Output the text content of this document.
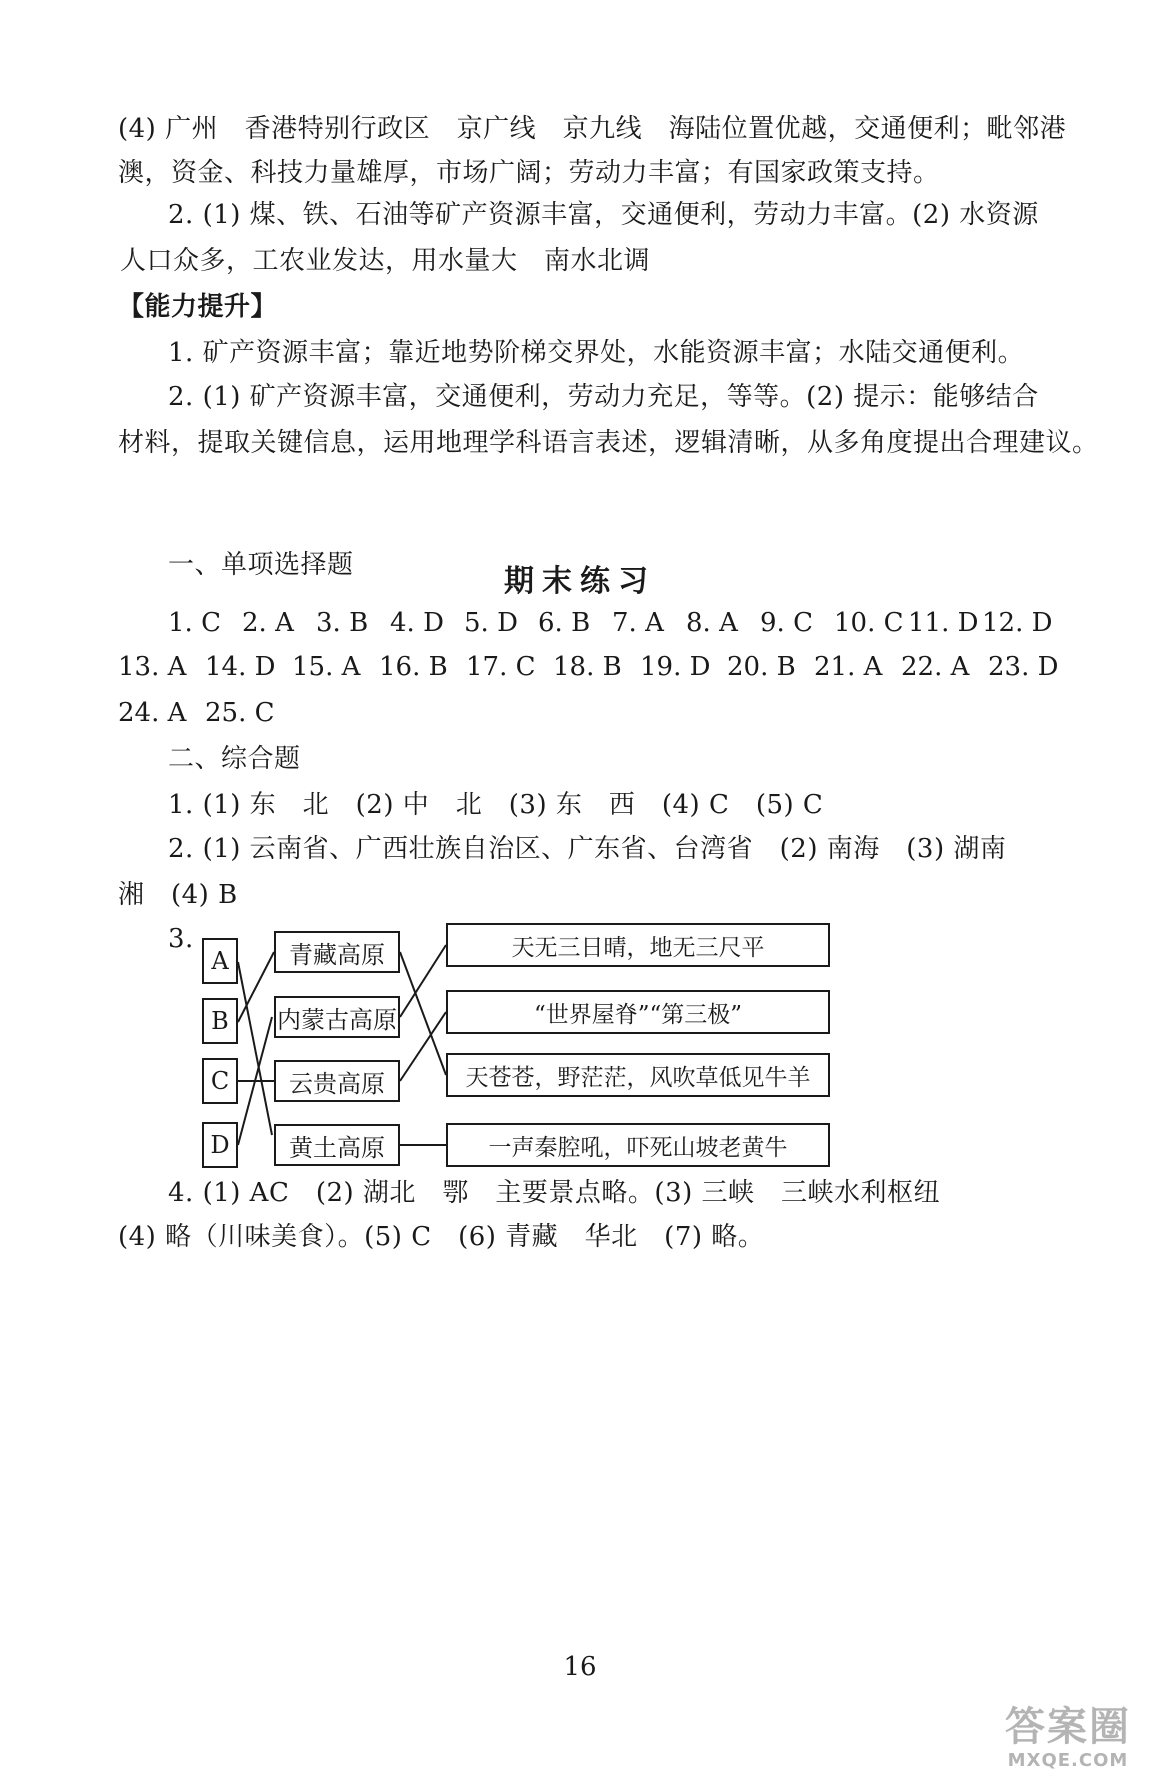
(4) 广州　香港特别行政区　京广线　京九线　海陆位置优越，交通便利；毗邻港
澳，资金、科技力量雄厚，市场广阔；劳动力丰富；有国家政策支持。
2. (1) 煤、铁、石油等矿产资源丰富，交通便利，劳动力丰富。(2) 水资源
人口众多，工农业发达，用水量大　南水北调
【能力提升】
1. 矿产资源丰富；靠近地势阶梯交界处，水能资源丰富；水陆交通便利。
2. (1) 矿产资源丰富，交通便利，劳动力充足，等等。(2) 提示：能够结合
材料，提取关键信息，运用地理学科语言表述，逻辑清晰，从多角度提出合理建议。
期末练习
一、单项选择题
1. C 2. A 3. B 4. D 5. D 6. B 7. A 8. A 9. C 10. C 11. D 12. D
13. A 14. D 15. A 16. B 17. C 18. B 19. D 20. B 21. A 22. A 23. D
24. A 25. C
二、综合题
1. (1) 东　北　(2) 中　北　(3) 东　西　(4) C　(5) C
2. (1) 云南省、广西壮族自治区、广东省、台湾省　(2) 南海　(3) 湖南
湘　(4) B
3.
A
B
C
D
青藏高原
内蒙古高原
云贵高原
黄土高原
天无三日晴，地无三尺平
“世界屋脊”“第三极”
天苍苍，野茫茫，风吹草低见牛羊
一声秦腔吼，吓死山坡老黄牛
4. (1) AC　(2) 湖北　鄂　主要景点略。(3) 三峡　三峡水利枢纽
(4) 略（川味美食）。(5) C　(6) 青藏　华北　(7) 略。
16
答案圈
MXQE.COM
